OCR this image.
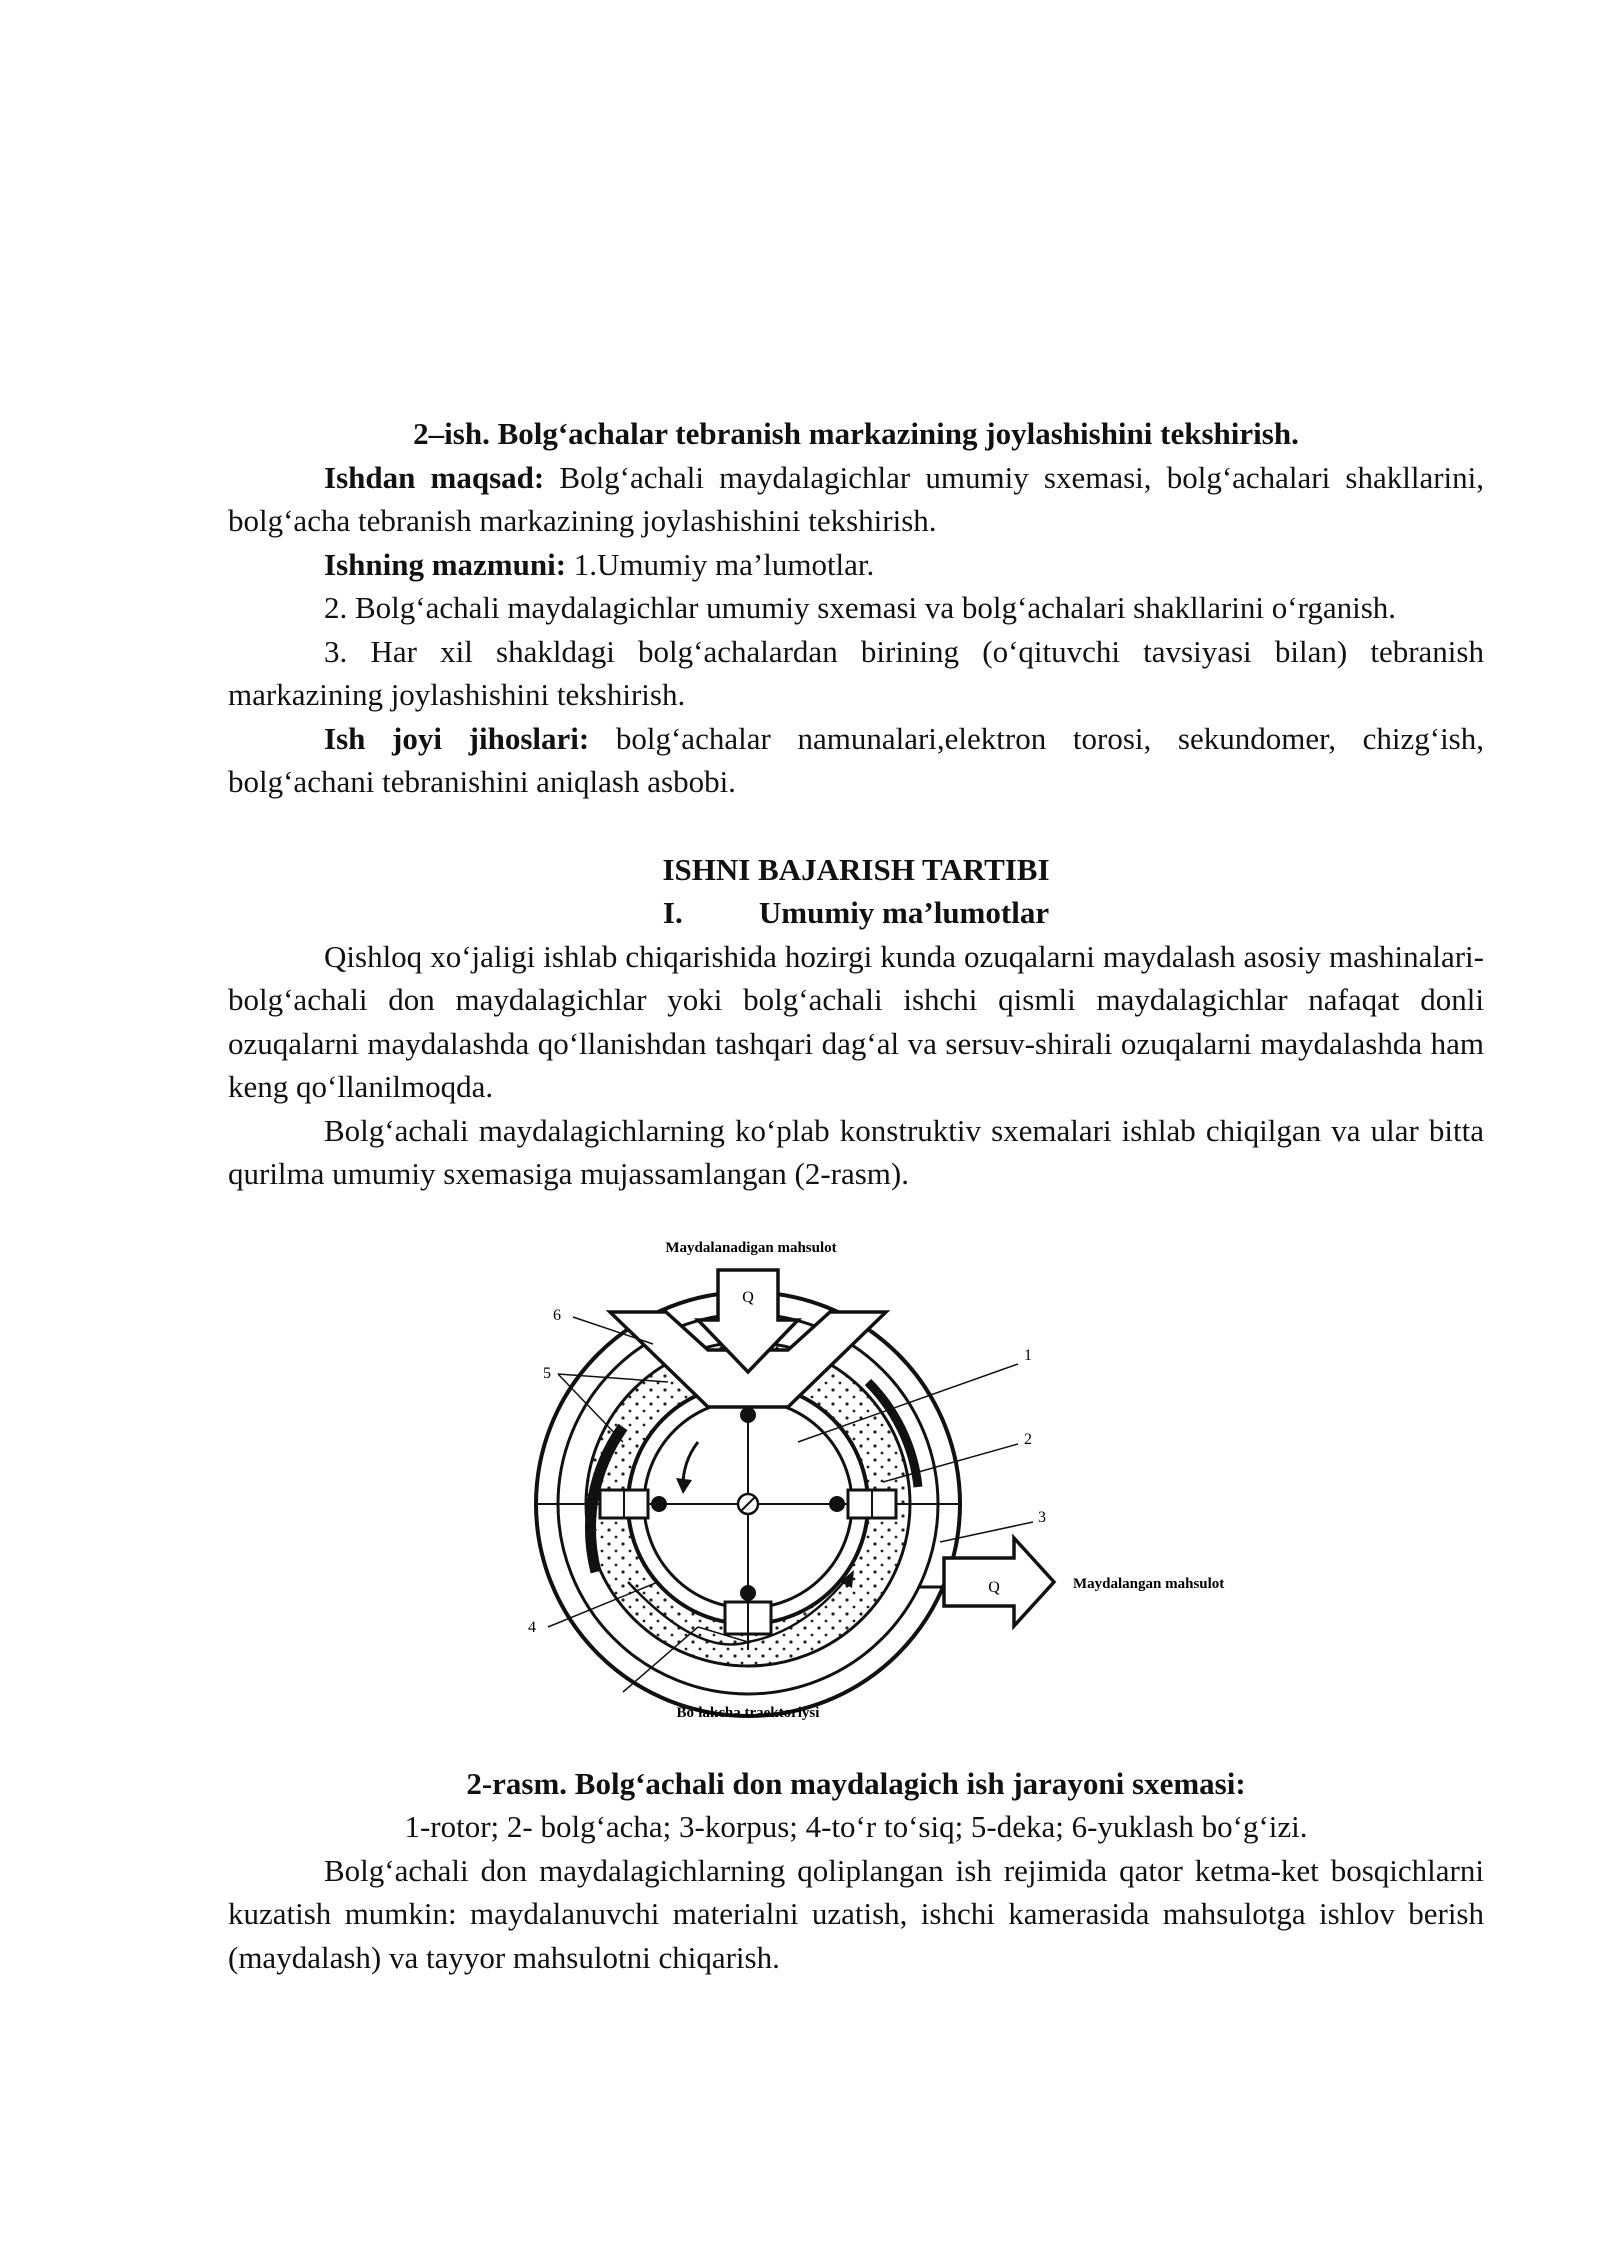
2–ish. Bolg‘achalar tebranish markazining joylashishini tekshirish.

Ishdan maqsad: Bolg‘achali maydalagichlar umumiy sxemasi, bolg‘achalari shakllarini, bolg‘acha tebranish markazining joylashishini tekshirish.

Ishning mazmuni: 1.Umumiy ma’lumotlar.

2. Bolg‘achali maydalagichlar umumiy sxemasi va bolg‘achalari shakllarini o‘rganish.

3. Har xil shakldagi bolg‘achalardan birining (o‘qituvchi tavsiyasi bilan) tebranish markazining joylashishini tekshirish.

Ish joyi jihoslari: bolg‘achalar namunalari,elektron torosi, sekundomer, chizg‘ish, bolg‘achani tebranishini aniqlash asbobi.

ISHNI BAJARISH TARTIBI

I. Umumiy ma’lumotlar

Qishloq xo‘jaligi ishlab chiqarishida hozirgi kunda ozuqalarni maydalash asosiy mashinalari-bolg‘achali don maydalagichlar yoki bolg‘achali ishchi qismli maydalagichlar nafaqat donli ozuqalarni maydalashda qo‘llanishdan tashqari dag‘al va sersuv-shirali ozuqalarni maydalashda ham keng qo‘llanilmoqda.

Bolg‘achali maydalagichlarning ko‘plab konstruktiv sxemalari ishlab chiqilgan va ular bitta qurilma umumiy sxemasiga mujassamlangan (2-rasm).

Maydalanadigan mahsulot
Q
Q	Maydalangan mahsulot
Bo'lakcha traektoriysi
1
2
3
4
5
6

2-rasm. Bolg‘achali don maydalagich ish jarayoni sxemasi:

1-rotor; 2- bolg‘acha; 3-korpus; 4-to‘r to‘siq; 5-deka; 6-yuklash bo‘g‘izi.

Bolg‘achali don maydalagichlarning qoliplangan ish rejimida qator ketma-ket bosqichlarni kuzatish mumkin: maydalanuvchi materialni uzatish, ishchi kamerasida mahsulotga ishlov berish (maydalash) va tayyor mahsulotni chiqarish.
